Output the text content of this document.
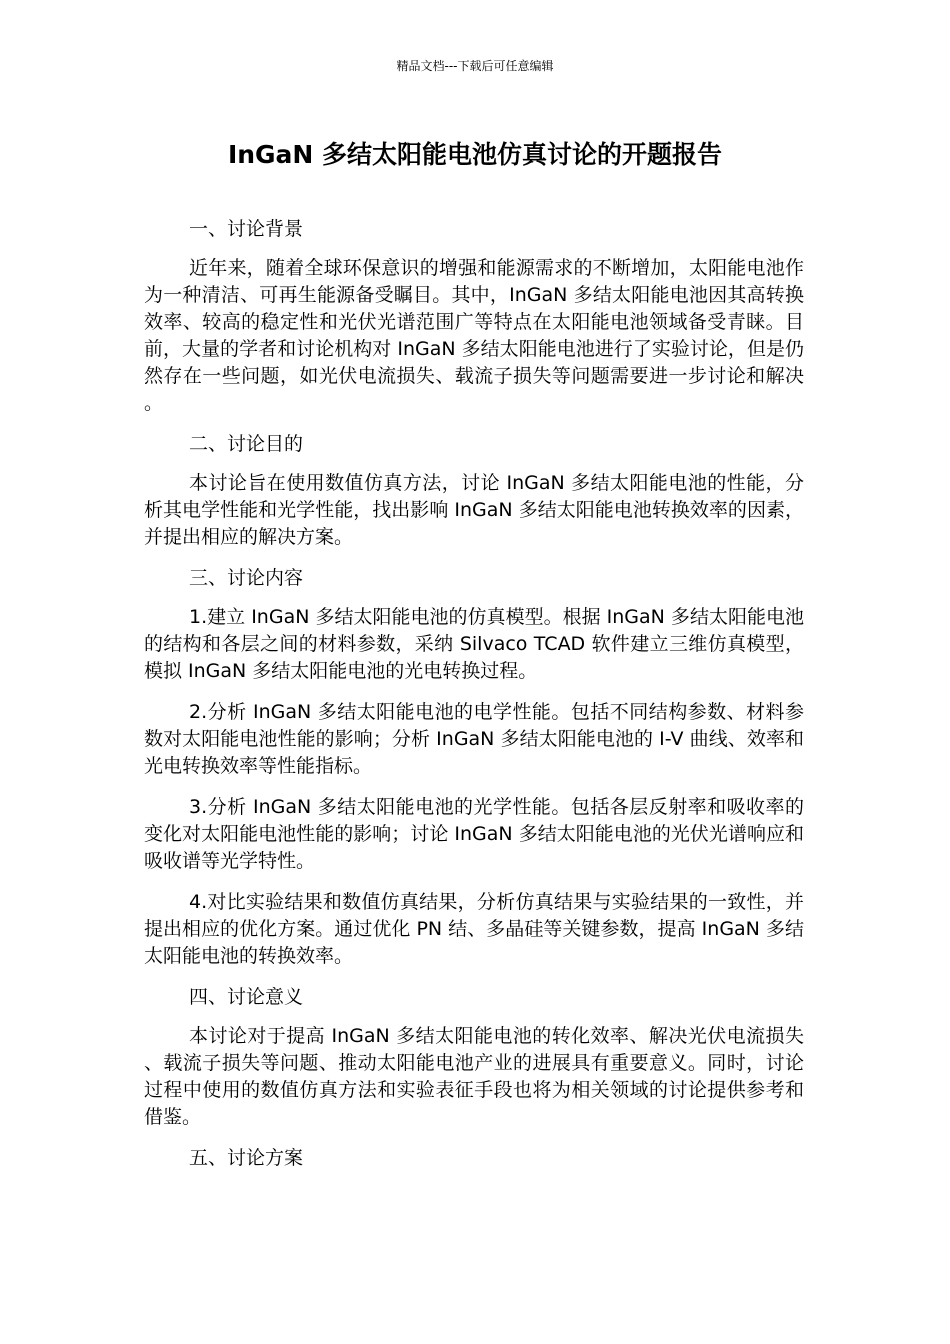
精品文档---下载后可任意编辑
InGaN 多结太阳能电池仿真讨论的开题报告

一、讨论背景

近年来，随着全球环保意识的增强和能源需求的不断增加，太阳能电池作为一种清洁、可再生能源备受瞩目。其中，InGaN 多结太阳能电池因其高转换效率、较高的稳定性和光伏光谱范围广等特点在太阳能电池领域备受青睐。目前，大量的学者和讨论机构对 InGaN 多结太阳能电池进行了实验讨论，但是仍然存在一些问题，如光伏电流损失、载流子损失等问题需要进一步讨论和解决。

二、讨论目的

本讨论旨在使用数值仿真方法，讨论 InGaN 多结太阳能电池的性能，分析其电学性能和光学性能，找出影响 InGaN 多结太阳能电池转换效率的因素，并提出相应的解决方案。

三、讨论内容

1.建立 InGaN 多结太阳能电池的仿真模型。根据 InGaN 多结太阳能电池的结构和各层之间的材料参数，采纳 Silvaco TCAD 软件建立三维仿真模型，模拟 InGaN 多结太阳能电池的光电转换过程。

2.分析 InGaN 多结太阳能电池的电学性能。包括不同结构参数、材料参数对太阳能电池性能的影响；分析 InGaN 多结太阳能电池的 I-V 曲线、效率和光电转换效率等性能指标。

3.分析 InGaN 多结太阳能电池的光学性能。包括各层反射率和吸收率的变化对太阳能电池性能的影响；讨论 InGaN 多结太阳能电池的光伏光谱响应和吸收谱等光学特性。

4.对比实验结果和数值仿真结果，分析仿真结果与实验结果的一致性，并提出相应的优化方案。通过优化 PN 结、多晶硅等关键参数，提高 InGaN 多结太阳能电池的转换效率。

四、讨论意义

本讨论对于提高 InGaN 多结太阳能电池的转化效率、解决光伏电流损失、载流子损失等问题、推动太阳能电池产业的进展具有重要意义。同时，讨论过程中使用的数值仿真方法和实验表征手段也将为相关领域的讨论提供参考和借鉴。

五、讨论方案
